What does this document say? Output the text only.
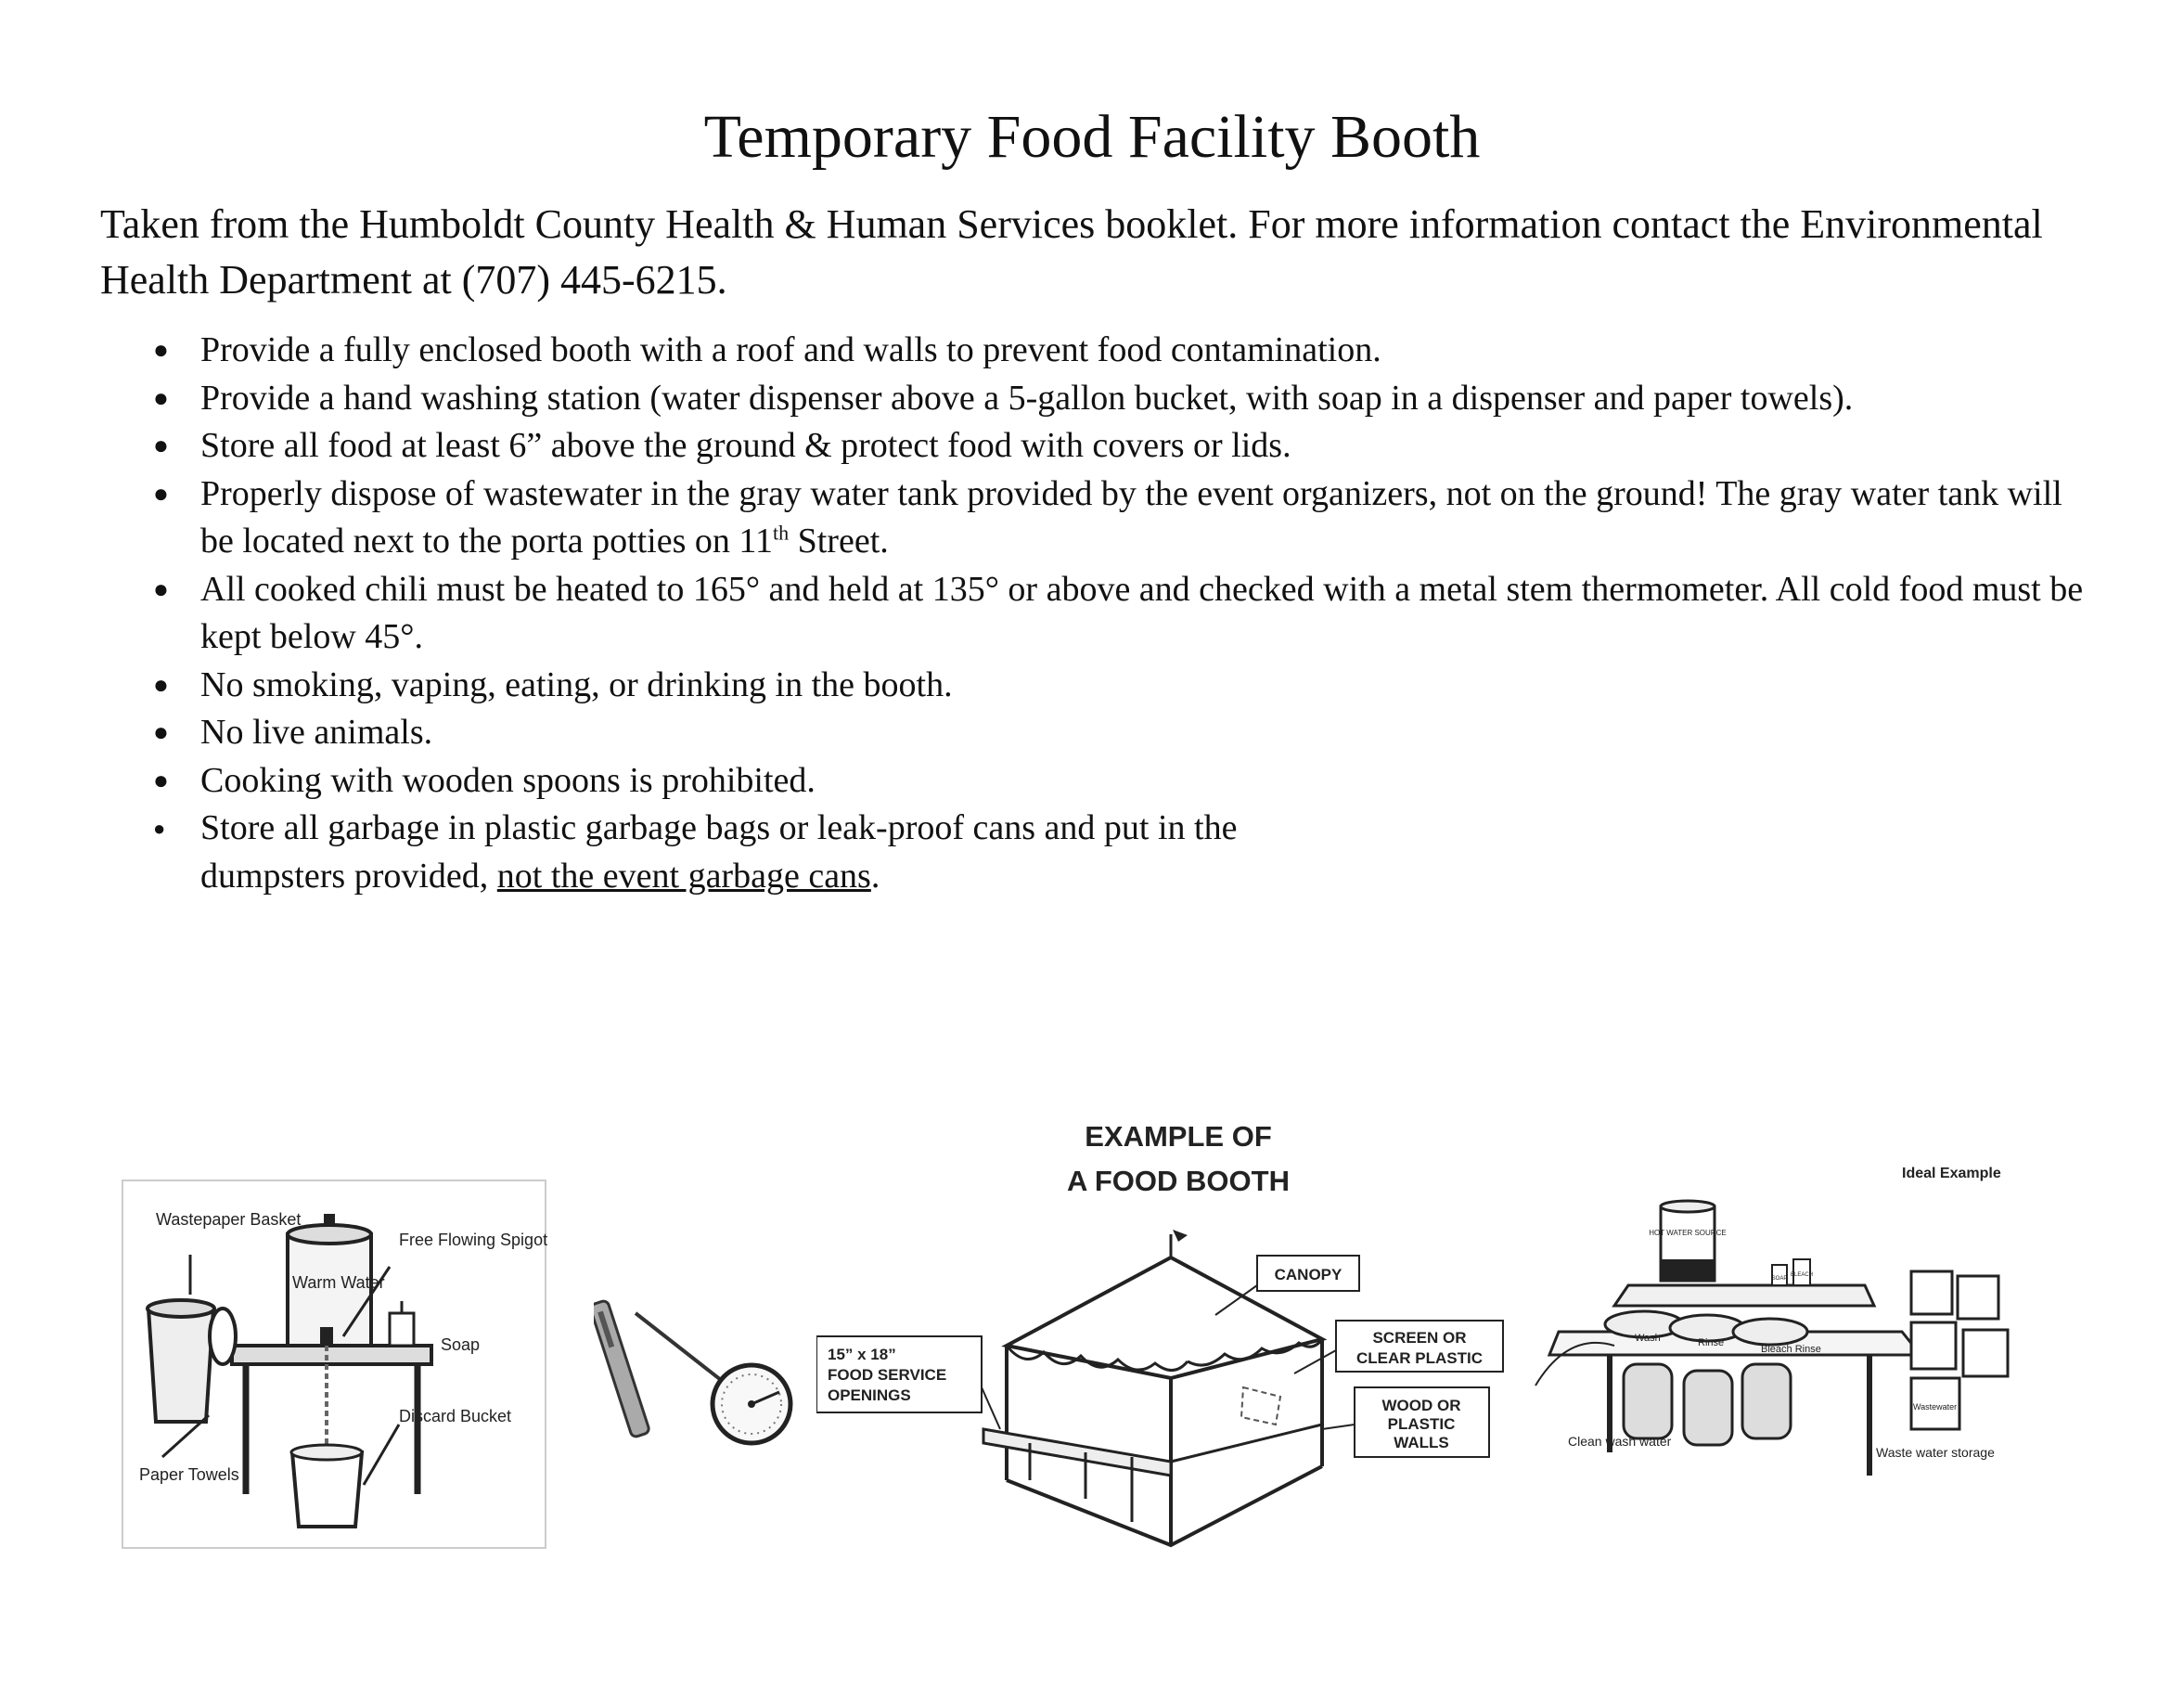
Temporary Food Facility Booth

Taken from the Humboldt County Health & Human Services booklet. For more information contact the Environmental Health Department at (707) 445-6215.

● Provide a fully enclosed booth with a roof and walls to prevent food contamination.
● Provide a hand washing station (water dispenser above a 5-gallon bucket, with soap in a dispenser and paper towels).
● Store all food at least 6” above the ground & protect food with covers or lids.
● Properly dispose of wastewater in the gray water tank provided by the event organizers, not on the ground! The gray water tank will be located next to the porta potties on 11th Street.
● All cooked chili must be heated to 165° and held at 135° or above and checked with a metal stem thermometer. All cold food must be kept below 45°.
● No smoking, vaping, eating, or drinking in the booth.
● No live animals.
● Cooking with wooden spoons is prohibited.
● Store all garbage in plastic garbage bags or leak-proof cans and put in the
dumpsters provided, not the event garbage cans.
Wastepaper Basket
Warm Water
Free Flowing Spigot
Soap
Discard Bucket
Paper Towels
EXAMPLE OF
A FOOD BOOTH
CANOPY
SCREEN OR
CLEAR PLASTIC
WOOD OR
PLASTIC
WALLS
15” x 18”
FOOD SERVICE
OPENINGS
Ideal Example
HOT WATER SOURCE
SOAP
BLEACH
Wash	Rinse
Bleach Rinse
Wastewater
Clean wash water
Waste water storage
